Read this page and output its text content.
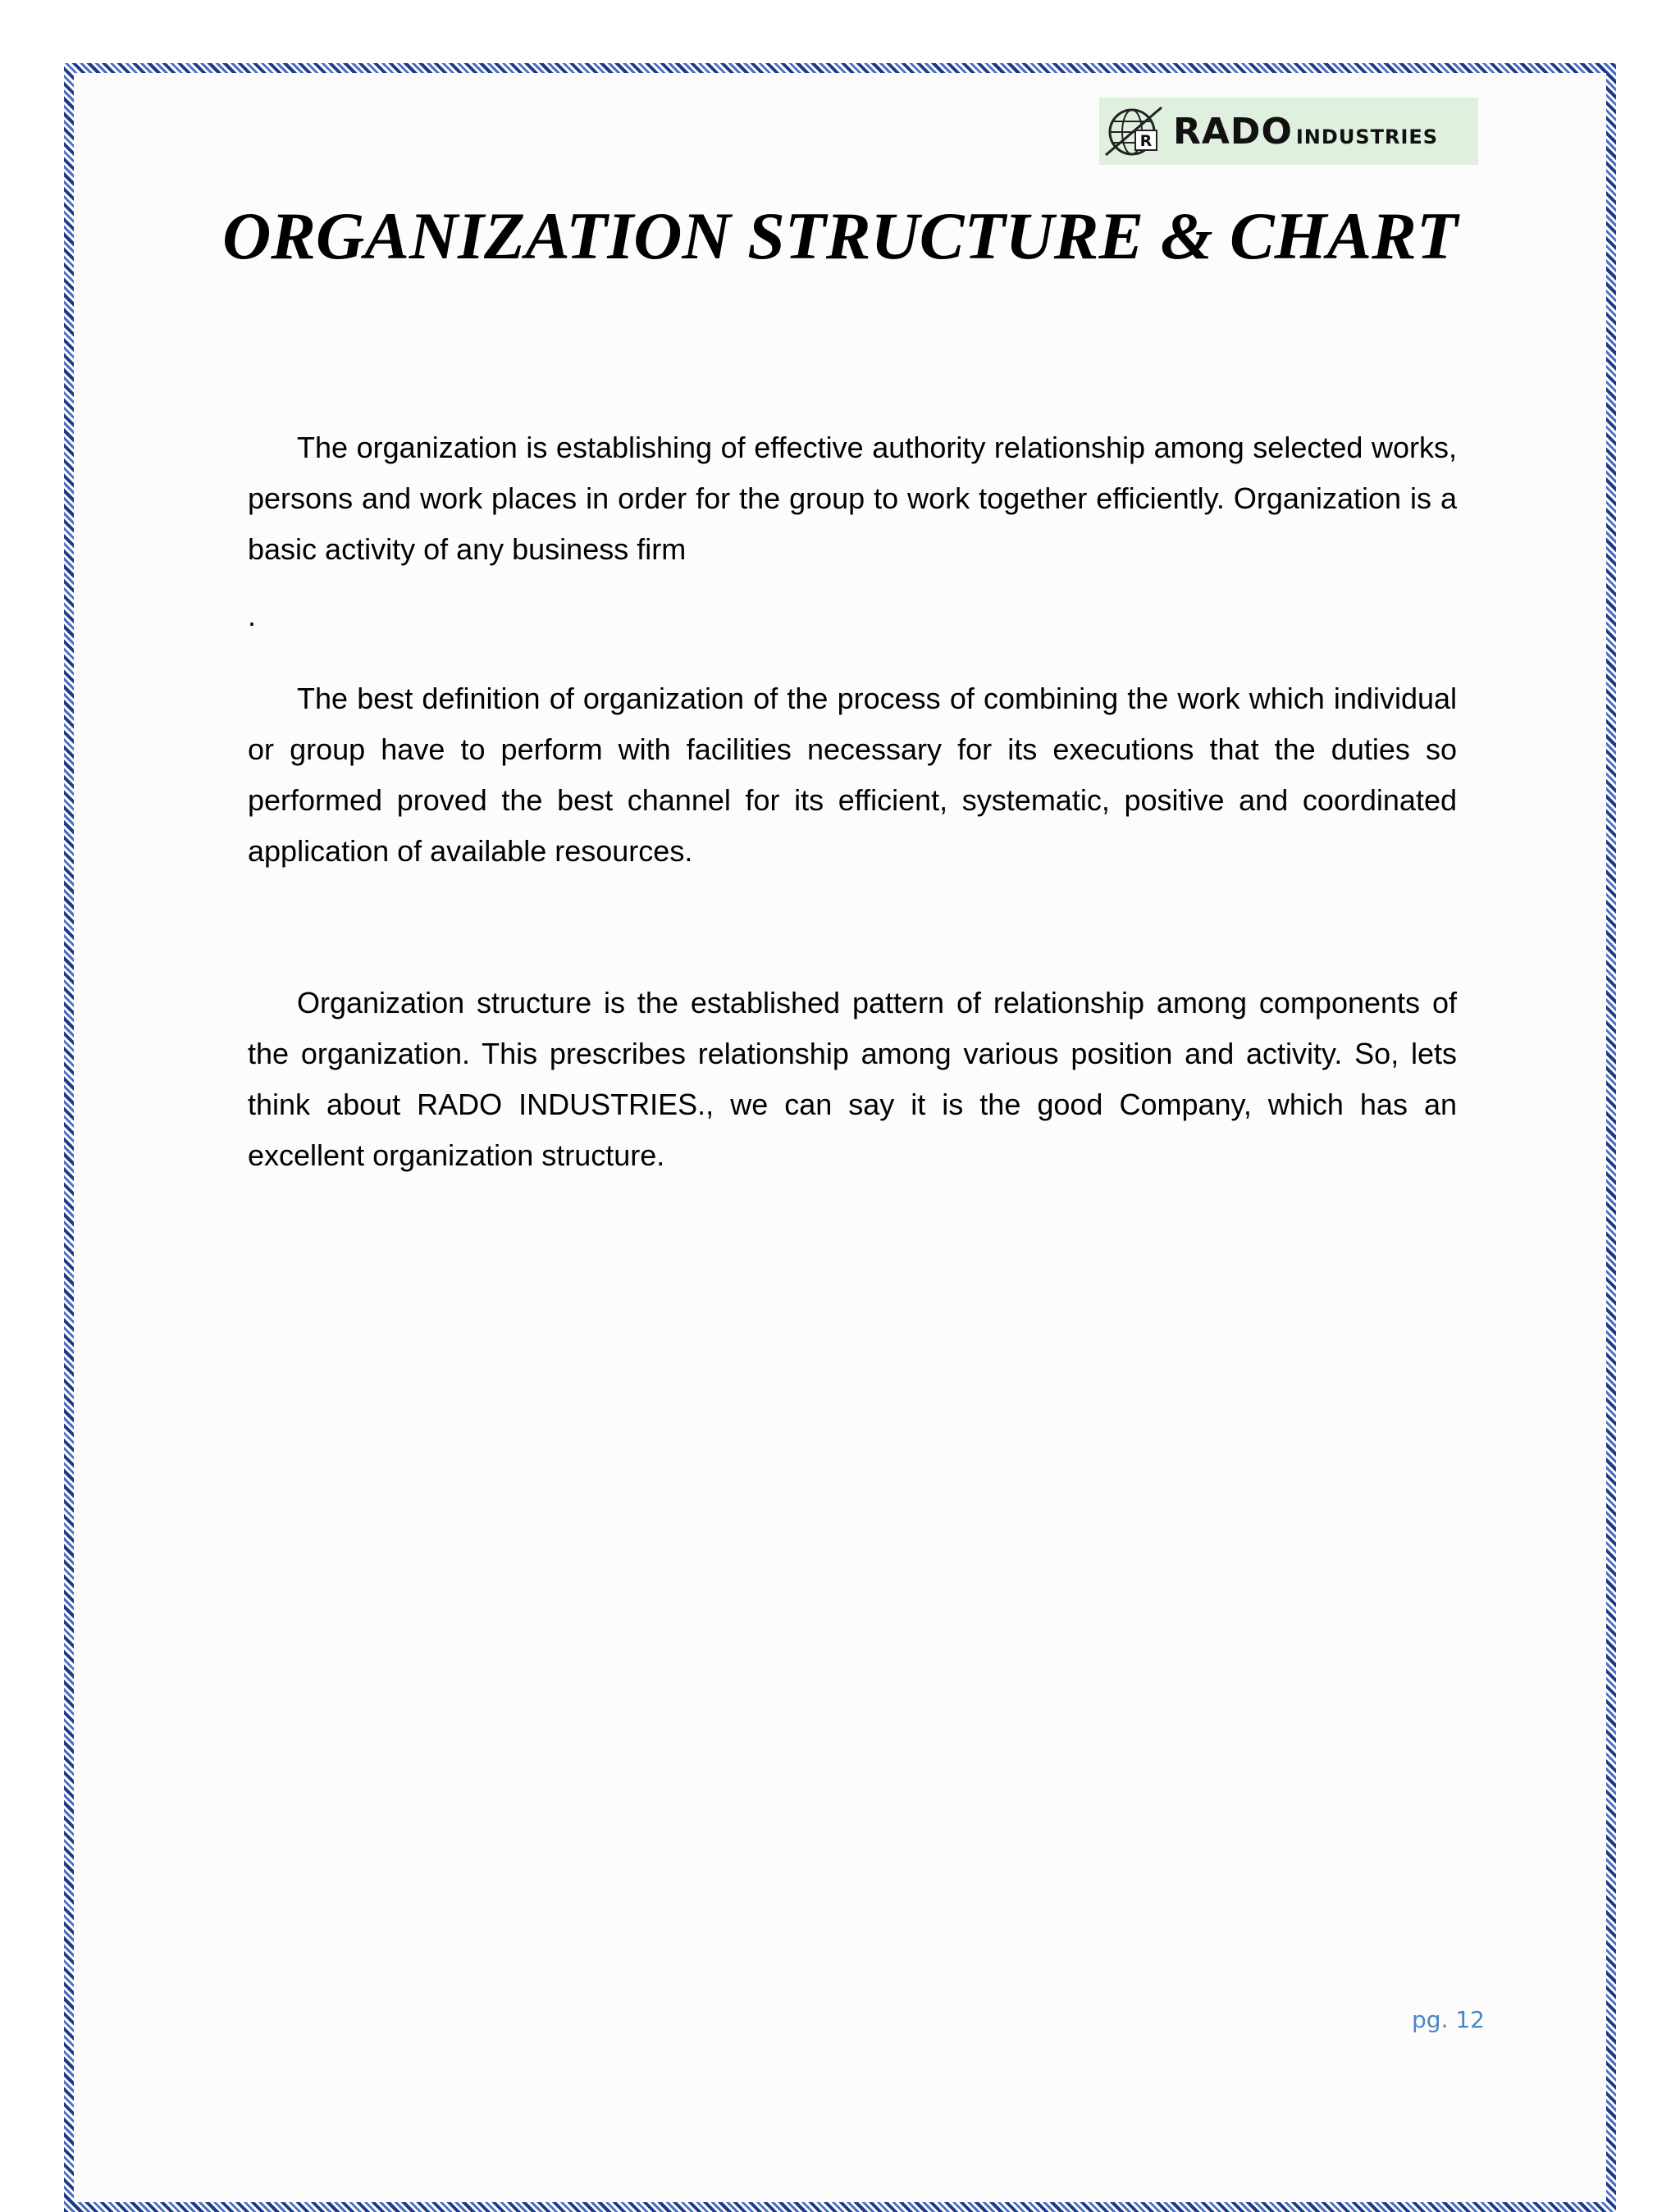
R RADO INDUSTRIES
ORGANIZATION STRUCTURE & CHART

The organization is establishing of effective authority relationship among selected works, persons and work places in order for the group to work together efficiently. Organization is a basic activity of any business firm

.

The best definition of organization of the process of combining the work which individual or group have to perform with facilities necessary for its executions that the duties so performed proved the best channel for its efficient, systematic, positive and coordinated application of available resources.

Organization structure is the established pattern of relationship among components of the organization. This prescribes relationship among various position and activity. So, lets think about RADO INDUSTRIES., we can say it is the good Company, which has an excellent organization structure.

pg. 12
